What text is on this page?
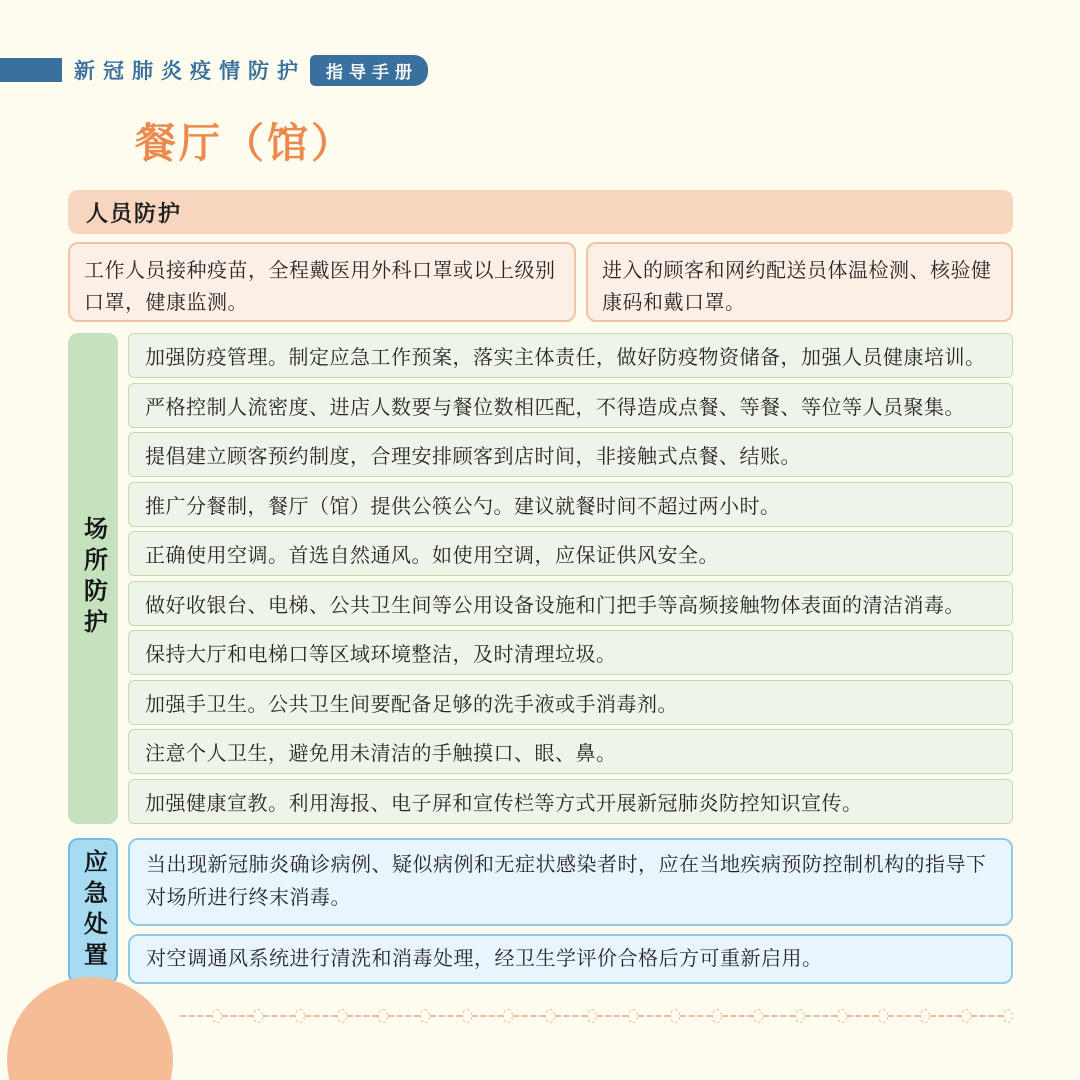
新冠肺炎疫情防护	指导手册
餐厅（馆）
人员防护
工作人员接种疫苗，全程戴医用外科口罩或以上级别口罩，健康监测。
进入的顾客和网约配送员体温检测、核验健康码和戴口罩。
场所防护
加强防疫管理。制定应急工作预案，落实主体责任，做好防疫物资储备，加强人员健康培训。
严格控制人流密度、进店人数要与餐位数相匹配，不得造成点餐、等餐、等位等人员聚集。
提倡建立顾客预约制度，合理安排顾客到店时间，非接触式点餐、结账。
推广分餐制，餐厅（馆）提供公筷公勺。建议就餐时间不超过两小时。
正确使用空调。首选自然通风。如使用空调，应保证供风安全。
做好收银台、电梯、公共卫生间等公用设备设施和门把手等高频接触物体表面的清洁消毒。
保持大厅和电梯口等区域环境整洁，及时清理垃圾。
加强手卫生。公共卫生间要配备足够的洗手液或手消毒剂。
注意个人卫生，避免用未清洁的手触摸口、眼、鼻。
加强健康宣教。利用海报、电子屏和宣传栏等方式开展新冠肺炎防控知识宣传。
应急处置	当出现新冠肺炎确诊病例、疑似病例和无症状感染者时，应在当地疾病预防控制机构的指导下对场所进行终末消毒。
对空调通风系统进行清洗和消毒处理，经卫生学评价合格后方可重新启用。
